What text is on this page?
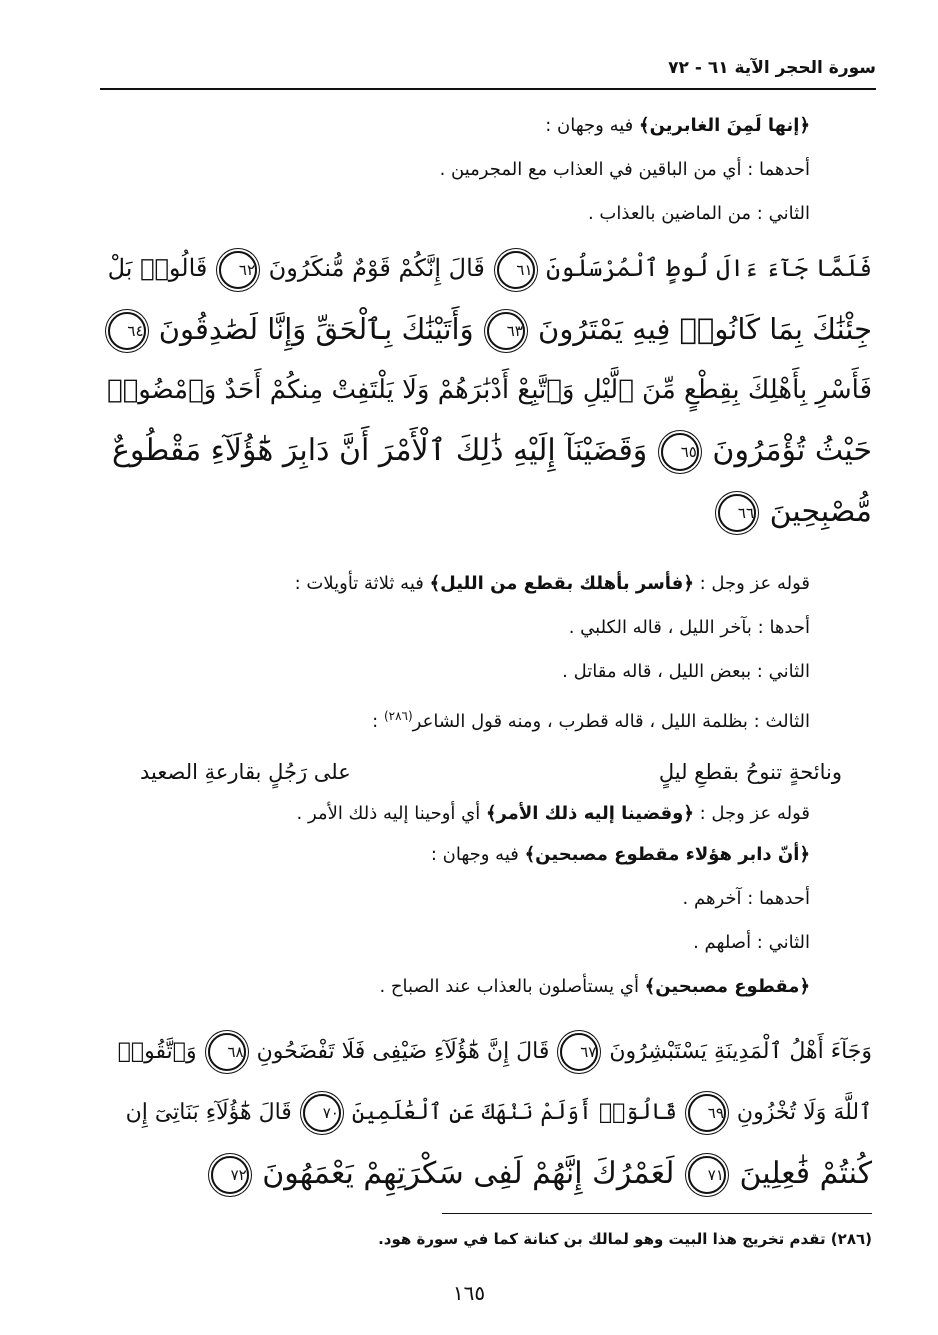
سورة الحجر الآية ٦١ - ٧٢
﴿إنها لَمِنَ الغابرين﴾ فيه وجهان :
أحدهما : أي من الباقين في العذاب مع المجرمين .
الثاني : من الماضين بالعذاب .
فَلَمَّا جَآءَ ءَالَ لُوطٍ ٱلْمُرْسَلُونَ ٦١ قَالَ إِنَّكُمْ قَوْمٌ مُّنكَرُونَ ٦٢ قَالُوا۟ بَلْ
جِئْنَٰكَ بِمَا كَانُوا۟ فِيهِ يَمْتَرُونَ ٦٣ وَأَتَيْنَٰكَ بِٱلْحَقِّ وَإِنَّا لَصَٰدِقُونَ ٦٤
فَأَسْرِ بِأَهْلِكَ بِقِطْعٍ مِّنَ ٱلَّيْلِ وَٱتَّبِعْ أَدْبَٰرَهُمْ وَلَا يَلْتَفِتْ مِنكُمْ أَحَدٌ وَٱمْضُوا۟
حَيْثُ تُؤْمَرُونَ ٦٥ وَقَضَيْنَآ إِلَيْهِ ذَٰلِكَ ٱلْأَمْرَ أَنَّ دَابِرَ هَٰٓؤُلَآءِ مَقْطُوعٌ
مُّصْبِحِينَ ٦٦
قوله عز وجل : ﴿فأسر بأهلك بقطع من الليل﴾ فيه ثلاثة تأويلات :
أحدها : بآخر الليل ، قاله الكلبي .
الثاني : ببعض الليل ، قاله مقاتل .
الثالث : بظلمة الليل ، قاله قطرب ، ومنه قول الشاعر$^{(٢٨٦)}$ :
ونائحةٍ تنوحُ بقطعِ ليلٍ
على رَجُلٍ بقارعةِ الصعيد
قوله عز وجل : ﴿وقضينا إليه ذلك الأمر﴾ أي أوحينا إليه ذلك الأمر .
﴿أنّ دابر هؤلاء مقطوع مصبحين﴾ فيه وجهان :
أحدهما : آخرهم .
الثاني : أصلهم .
﴿مقطوع مصبحين﴾ أي يستأصلون بالعذاب عند الصباح .
وَجَآءَ أَهْلُ ٱلْمَدِينَةِ يَسْتَبْشِرُونَ ٦٧ قَالَ إِنَّ هَٰٓؤُلَآءِ ضَيْفِى فَلَا تَفْضَحُونِ ٦٨ وَٱتَّقُوا۟
ٱللَّهَ وَلَا تُخْزُونِ ٦٩ قَالُوٓا۟ أَوَلَمْ نَنْهَكَ عَنِ ٱلْعَٰلَمِينَ ٧٠ قَالَ هَٰٓؤُلَآءِ بَنَاتِىٓ إِن
كُنتُمْ فَٰعِلِينَ ٧١ لَعَمْرُكَ إِنَّهُمْ لَفِى سَكْرَتِهِمْ يَعْمَهُونَ ٧٢
(٢٨٦) تقدم تخريج هذا البيت وهو لمالك بن كنانة كما في سورة هود.
١٦٥
